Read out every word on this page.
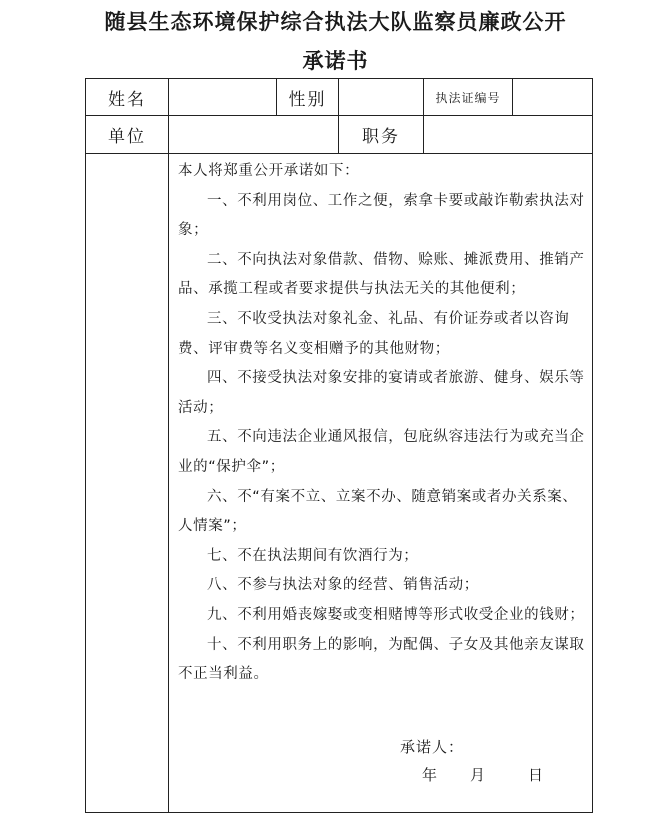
随县生态环境保护综合执法大队监察员廉政公开
承诺书
姓名	性别	执法证编号
单位	职务

本人将郑重公开承诺如下：

一、不利用岗位、工作之便，索拿卡要或敲诈勒索执法对象；

二、不向执法对象借款、借物、赊账、摊派费用、推销产品、承揽工程或者要求提供与执法无关的其他便利；

三、不收受执法对象礼金、礼品、有价证券或者以咨询费、评审费等名义变相赠予的其他财物；

四、不接受执法对象安排的宴请或者旅游、健身、娱乐等活动；

五、不向违法企业通风报信，包庇纵容违法行为或充当企业的“保护伞”；

六、不“有案不立、立案不办、随意销案或者办关系案、人情案”；

七、不在执法期间有饮酒行为；

八、不参与执法对象的经营、销售活动；

九、不利用婚丧嫁娶或变相赌博等形式收受企业的钱财；

十、不利用职务上的影响，为配偶、子女及其他亲友谋取不正当利益。

承诺人：
年 月	日
